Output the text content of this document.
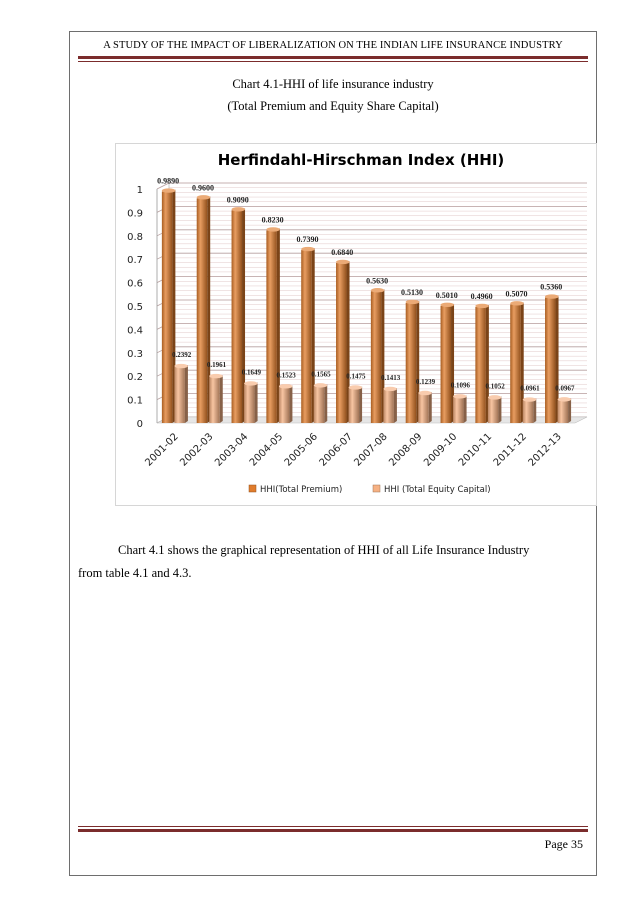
A STUDY OF THE IMPACT OF LIBERALIZATION ON THE INDIAN LIFE INSURANCE INDUSTRY
Chart 4.1-HHI of life insurance industry
(Total Premium and Equity Share Capital)
Herfindahl-Hirschman Index (HHI)
0
0.1
0.2
0.3
0.4
0.5
0.6
0.7
0.8
0.9
1
0.9890
0.2392
2001-02
0.9600
0.1961
2002-03
0.9090
0.1649
2003-04
0.8230
0.1523
2004-05
0.7390
0.1565
2005-06
0.6840
0.1475
2006-07
0.5630
0.1413
2007-08
0.5130
0.1239
2008-09
0.5010
0.1096
2009-10
0.4960
0.1052
2010-11
0.5070
0.0961
2011-12
0.5360
0.0967
2012-13
HHI(Total Premium)	HHI (Total Equity Capital)
Chart 4.1 shows the graphical representation of HHI of all Life Insurance Industry
from table 4.1 and 4.3.
Page 35
